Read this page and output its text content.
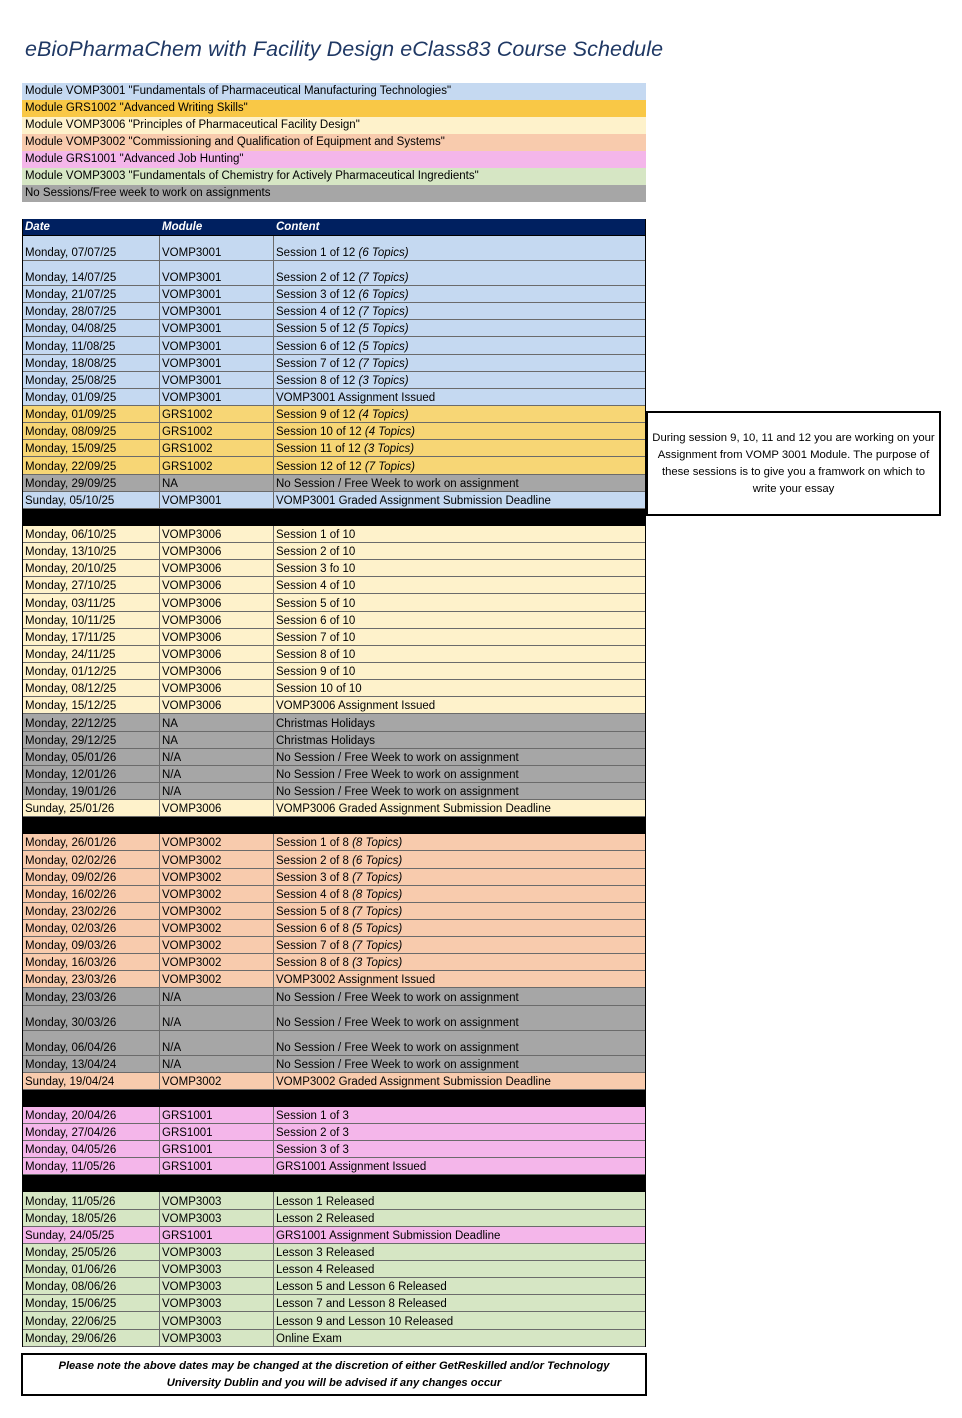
eBioPharmaChem with Facility Design eClass83 Course Schedule
Module VOMP3001 "Fundamentals of Pharmaceutical Manufacturing Technologies"
Module GRS1002 "Advanced Writing Skills"
Module VOMP3006 "Principles of Pharmaceutical Facility Design"
Module VOMP3002 "Commissioning and Qualification of Equipment and Systems"
Module GRS1001 "Advanced Job Hunting"
Module VOMP3003 "Fundamentals of Chemistry for Actively Pharmaceutical Ingredients"
No Sessions/Free week to work on assignments
Date	Module	Content
Monday, 07/07/25	VOMP3001	Session 1 of 12 (6 Topics)
Monday, 14/07/25	VOMP3001	Session 2 of 12 (7 Topics)
Monday, 21/07/25	VOMP3001	Session 3 of 12 (6 Topics)
Monday, 28/07/25	VOMP3001	Session 4 of 12 (7 Topics)
Monday, 04/08/25	VOMP3001	Session 5 of 12 (5 Topics)
Monday, 11/08/25	VOMP3001	Session 6 of 12 (5 Topics)
Monday, 18/08/25	VOMP3001	Session 7 of 12 (7 Topics)
Monday, 25/08/25	VOMP3001	Session 8 of 12 (3 Topics)
Monday, 01/09/25	VOMP3001	VOMP3001 Assignment Issued
Monday, 01/09/25	GRS1002	Session 9 of 12 (4 Topics)
Monday, 08/09/25	GRS1002	Session 10 of 12 (4 Topics)
Monday, 15/09/25	GRS1002	Session 11 of 12 (3 Topics)
Monday, 22/09/25	GRS1002	Session 12 of 12 (7 Topics)
Monday, 29/09/25	NA	No Session / Free Week to work on assignment
Sunday, 05/10/25	VOMP3001	VOMP3001 Graded Assignment Submission Deadline
Monday, 06/10/25	VOMP3006	Session 1 of 10
Monday, 13/10/25	VOMP3006	Session 2 of 10
Monday, 20/10/25	VOMP3006	Session 3 fo 10
Monday, 27/10/25	VOMP3006	Session 4 of 10
Monday, 03/11/25	VOMP3006	Session 5 of 10
Monday, 10/11/25	VOMP3006	Session 6 of 10
Monday, 17/11/25	VOMP3006	Session 7 of 10
Monday, 24/11/25	VOMP3006	Session 8 of 10
Monday, 01/12/25	VOMP3006	Session 9 of 10
Monday, 08/12/25	VOMP3006	Session 10 of 10
Monday, 15/12/25	VOMP3006	VOMP3006 Assignment Issued
Monday, 22/12/25	NA	Christmas Holidays
Monday, 29/12/25	NA	Christmas Holidays
Monday, 05/01/26	N/A	No Session / Free Week to work on assignment
Monday, 12/01/26	N/A	No Session / Free Week to work on assignment
Monday, 19/01/26	N/A	No Session / Free Week to work on assignment
Sunday, 25/01/26	VOMP3006	VOMP3006 Graded Assignment Submission Deadline
Monday, 26/01/26	VOMP3002	Session 1 of 8 (8 Topics)
Monday, 02/02/26	VOMP3002	Session 2 of 8 (6 Topics)
Monday, 09/02/26	VOMP3002	Session 3 of 8 (7 Topics)
Monday, 16/02/26	VOMP3002	Session 4 of 8 (8 Topics)
Monday, 23/02/26	VOMP3002	Session 5 of 8 (7 Topics)
Monday, 02/03/26	VOMP3002	Session 6 of 8 (5 Topics)
Monday, 09/03/26	VOMP3002	Session 7 of 8 (7 Topics)
Monday, 16/03/26	VOMP3002	Session 8 of 8 (3 Topics)
Monday, 23/03/26	VOMP3002	VOMP3002 Assignment Issued
Monday, 23/03/26	N/A	No Session / Free Week to work on assignment
Monday, 30/03/26	N/A	No Session / Free Week to work on assignment
Monday, 06/04/26	N/A	No Session / Free Week to work on assignment
Monday, 13/04/24	N/A	No Session / Free Week to work on assignment
Sunday, 19/04/24	VOMP3002	VOMP3002 Graded Assignment Submission Deadline
Monday, 20/04/26	GRS1001	Session 1 of 3
Monday, 27/04/26	GRS1001	Session 2 of 3
Monday, 04/05/26	GRS1001	Session 3 of 3
Monday, 11/05/26	GRS1001	GRS1001 Assignment Issued
Monday, 11/05/26	VOMP3003	Lesson 1 Released
Monday, 18/05/26	VOMP3003	Lesson 2 Released
Sunday, 24/05/25	GRS1001	GRS1001 Assignment Submission Deadline
Monday, 25/05/26	VOMP3003	Lesson 3 Released
Monday, 01/06/26	VOMP3003	Lesson 4 Released
Monday, 08/06/26	VOMP3003	Lesson 5 and Lesson 6 Released
Monday, 15/06/25	VOMP3003	Lesson 7 and Lesson 8 Released
Monday, 22/06/25	VOMP3003	Lesson 9 and Lesson 10 Released
Monday, 29/06/26	VOMP3003	Online Exam
During session 9, 10, 11 and 12 you are working on your Assignment from VOMP 3001 Module. The purpose of these sessions is to give you a framwork on which to write your essay
Please note the above dates may be changed at the discretion of either GetReskilled and/or Technology University Dublin and you will be advised if any changes occur
